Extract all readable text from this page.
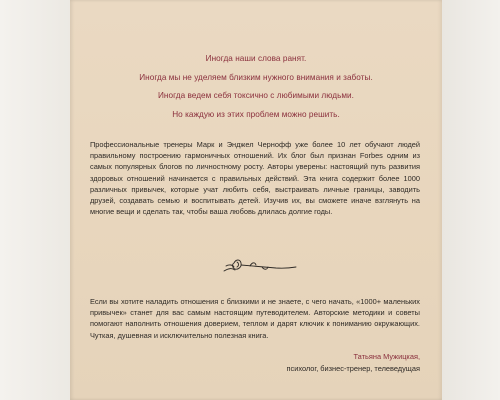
Иногда наши слова ранят.
Иногда мы не уделяем близким нужного внимания и заботы.
Иногда ведем себя токсично с любимыми людьми.
Но каждую из этих проблем можно решить.
Профессиональные тренеры Марк и Энджел Чернофф уже более 10 лет обучают людей правильному построению гармоничных отношений. Их блог был признан Forbes одним из самых популярных блогов по личностному росту. Авторы уверены: настоящий путь развития здоровых отношений начинается с правильных действий. Эта книга содержит более 1000 различных привычек, которые учат любить себя, выстраивать личные границы, заводить друзей, создавать семью и воспитывать детей. Изучив их, вы сможете иначе взглянуть на многие вещи и сделать так, чтобы ваша любовь длилась долгие годы.
Если вы хотите наладить отношения с близкими и не знаете, с чего начать, «1000+ маленьких привычек» станет для вас самым настоящим путеводителем. Авторские методики и советы помогают наполнить отношения доверием, теплом и дарят ключик к пониманию окружающих. Чуткая, душевная и исключительно полезная книга.
Татьяна Мужицкая,
психолог, бизнес-тренер, телеведущая
